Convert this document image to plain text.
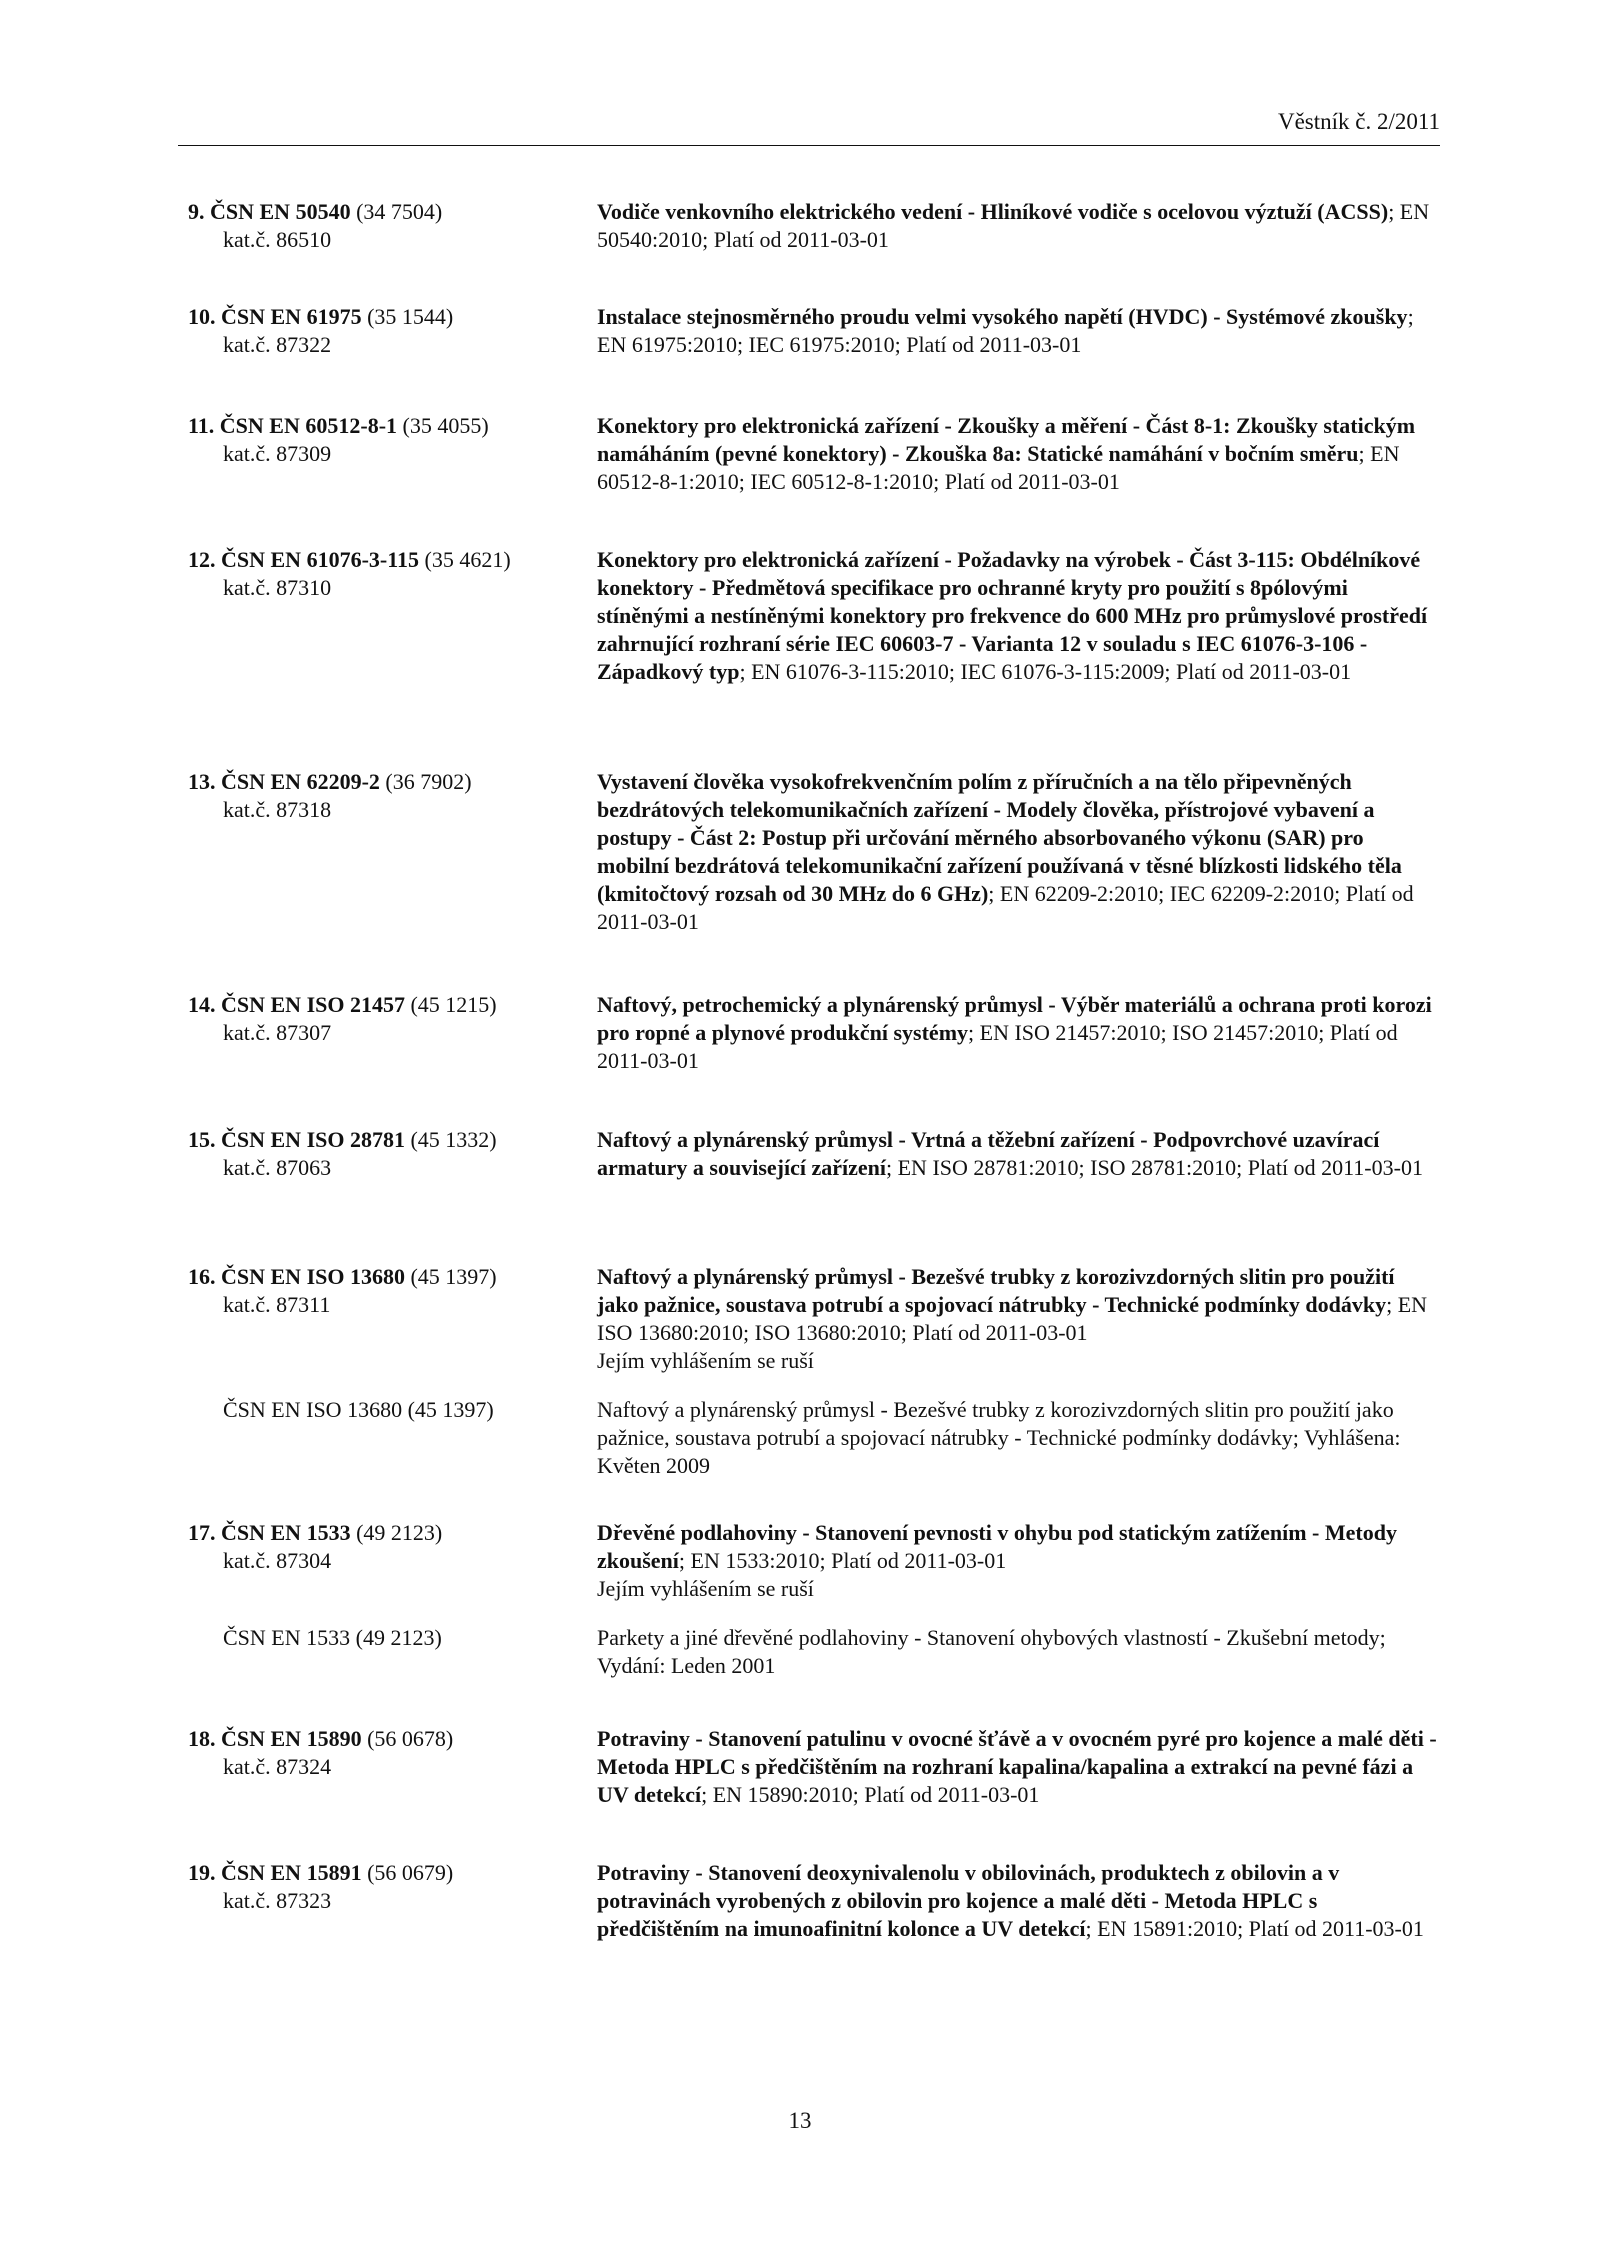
Věstník č. 2/2011
9. ČSN EN 50540 (34 7504)
kat.č. 86510
Vodiče venkovního elektrického vedení - Hliníkové vodiče s ocelovou výztuží (ACSS); EN 50540:2010; Platí od 2011-03-01
10. ČSN EN 61975 (35 1544)
kat.č. 87322
Instalace stejnosměrného proudu velmi vysokého napětí (HVDC) - Systémové zkoušky; EN 61975:2010; IEC 61975:2010; Platí od 2011-03-01
11. ČSN EN 60512-8-1 (35 4055)
kat.č. 87309
Konektory pro elektronická zařízení - Zkoušky a měření - Část 8-1: Zkoušky statickým namáháním (pevné konektory) - Zkouška 8a: Statické namáhání v bočním směru; EN 60512-8-1:2010; IEC 60512-8-1:2010; Platí od 2011-03-01
12. ČSN EN 61076-3-115 (35 4621)
kat.č. 87310
Konektory pro elektronická zařízení - Požadavky na výrobek - Část 3-115: Obdélníkové konektory - Předmětová specifikace pro ochranné kryty pro použití s 8pólovými stíněnými a nestíněnými konektory pro frekvence do 600 MHz pro průmyslové prostředí zahrnující rozhraní série IEC 60603-7 - Varianta 12 v souladu s IEC 61076-3-106 - Západkový typ; EN 61076-3-115:2010; IEC 61076-3-115:2009; Platí od 2011-03-01
13. ČSN EN 62209-2 (36 7902)
kat.č. 87318
Vystavení člověka vysokofrekvenčním polím z příručních a na tělo připevněných bezdrátových telekomunikačních zařízení - Modely člověka, přístrojové vybavení a postupy - Část 2: Postup při určování měrného absorbovaného výkonu (SAR) pro mobilní bezdrátová telekomunikační zařízení používaná v těsné blízkosti lidského těla (kmitočtový rozsah od 30 MHz do 6 GHz); EN 62209-2:2010; IEC 62209-2:2010; Platí od 2011-03-01
14. ČSN EN ISO 21457 (45 1215)
kat.č. 87307
Naftový, petrochemický a plynárenský průmysl - Výběr materiálů a ochrana proti korozi pro ropné a plynové produkční systémy; EN ISO 21457:2010; ISO 21457:2010; Platí od 2011-03-01
15. ČSN EN ISO 28781 (45 1332)
kat.č. 87063
Naftový a plynárenský průmysl - Vrtná a těžební zařízení - Podpovrchové uzavírací armatury a související zařízení; EN ISO 28781:2010; ISO 28781:2010; Platí od 2011-03-01
16. ČSN EN ISO 13680 (45 1397)
kat.č. 87311
Naftový a plynárenský průmysl - Bezešvé trubky z korozivzdorných slitin pro použití jako pažnice, soustava potrubí a spojovací nátrubky - Technické podmínky dodávky; EN ISO 13680:2010; ISO 13680:2010; Platí od 2011-03-01
Jejím vyhlášením se ruší
ČSN EN ISO 13680 (45 1397)	Naftový a plynárenský průmysl - Bezešvé trubky z korozivzdorných slitin pro použití jako pažnice, soustava potrubí a spojovací nátrubky - Technické podmínky dodávky; Vyhlášena: Květen 2009
17. ČSN EN 1533 (49 2123)
kat.č. 87304
Dřevěné podlahoviny - Stanovení pevnosti v ohybu pod statickým zatížením - Metody zkoušení; EN 1533:2010; Platí od 2011-03-01
Jejím vyhlášením se ruší
ČSN EN 1533 (49 2123)	Parkety a jiné dřevěné podlahoviny - Stanovení ohybových vlastností - Zkušební metody; Vydání: Leden 2001
18. ČSN EN 15890 (56 0678)
kat.č. 87324
Potraviny - Stanovení patulinu v ovocné šťávě a v ovocném pyré pro kojence a malé děti - Metoda HPLC s předčištěním na rozhraní kapalina/kapalina a extrakcí na pevné fázi a UV detekcí; EN 15890:2010; Platí od 2011-03-01
19. ČSN EN 15891 (56 0679)
kat.č. 87323
Potraviny - Stanovení deoxynivalenolu v obilovinách, produktech z obilovin a v potravinách vyrobených z obilovin pro kojence a malé děti - Metoda HPLC s předčištěním na imunoafinitní kolonce a UV detekcí; EN 15891:2010; Platí od 2011-03-01
13
